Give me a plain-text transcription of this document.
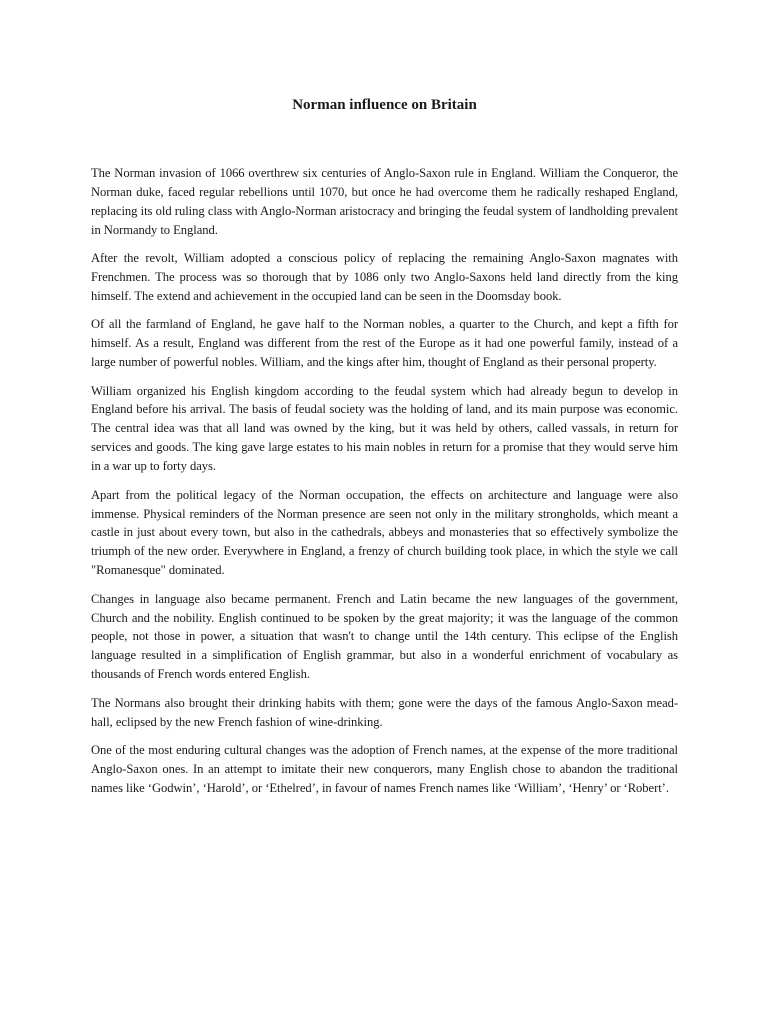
Norman influence on Britain

The Norman invasion of 1066 overthrew six centuries of Anglo-Saxon rule in England. William the Conqueror, the Norman duke, faced regular rebellions until 1070, but once he had overcome them he radically reshaped England, replacing its old ruling class with Anglo-Norman aristocracy and bringing the feudal system of landholding prevalent in Normandy to England.

After the revolt, William adopted a conscious policy of replacing the remaining Anglo-Saxon magnates with Frenchmen. The process was so thorough that by 1086 only two Anglo-Saxons held land directly from the king himself. The extend and achievement in the occupied land can be seen in the Doomsday book.

Of all the farmland of England, he gave half to the Norman nobles, a quarter to the Church, and kept a fifth for himself. As a result, England was different from the rest of the Europe as it had one powerful family, instead of a large number of powerful nobles. William, and the kings after him, thought of England as their personal property.

William organized his English kingdom according to the feudal system which had already begun to develop in England before his arrival. The basis of feudal society was the holding of land, and its main purpose was economic. The central idea was that all land was owned by the king, but it was held by others, called vassals, in return for services and goods. The king gave large estates to his main nobles in return for a promise that they would serve him in a war up to forty days.

Apart from the political legacy of the Norman occupation, the effects on architecture and language were also immense. Physical reminders of the Norman presence are seen not only in the military strongholds, which meant a castle in just about every town, but also in the cathedrals, abbeys and monasteries that so effectively symbolize the triumph of the new order. Everywhere in England, a frenzy of church building took place, in which the style we call "Romanesque" dominated.

Changes in language also became permanent. French and Latin became the new languages of the government, Church and the nobility. English continued to be spoken by the great majority; it was the language of the common people, not those in power, a situation that wasn't to change until the 14th century. This eclipse of the English language resulted in a simplification of English grammar, but also in a wonderful enrichment of vocabulary as thousands of French words entered English.

The Normans also brought their drinking habits with them; gone were the days of the famous Anglo-Saxon mead-hall, eclipsed by the new French fashion of wine-drinking.

One of the most enduring cultural changes was the adoption of French names, at the expense of the more traditional Anglo-Saxon ones. In an attempt to imitate their new conquerors, many English chose to abandon the traditional names like ‘Godwin’, ‘Harold’, or ‘Ethelred’, in favour of names French names like ‘William’, ‘Henry’ or ‘Robert’.
